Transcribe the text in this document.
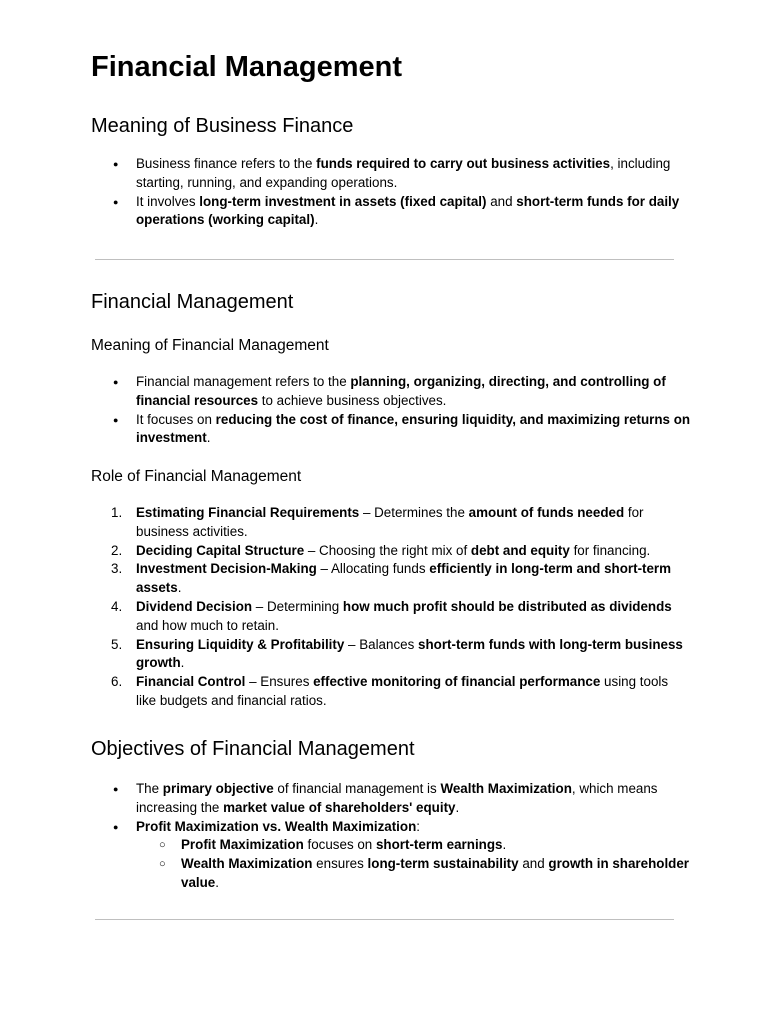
Financial Management
Meaning of Business Finance
● Business finance refers to the funds required to carry out business activities, including starting, running, and expanding operations.
● It involves long-term investment in assets (fixed capital) and short-term funds for daily operations (working capital).
Financial Management
Meaning of Financial Management
● Financial management refers to the planning, organizing, directing, and controlling of financial resources to achieve business objectives.
● It focuses on reducing the cost of finance, ensuring liquidity, and maximizing returns on investment.
Role of Financial Management
1. Estimating Financial Requirements – Determines the amount of funds needed for business activities.
2. Deciding Capital Structure – Choosing the right mix of debt and equity for financing.
3. Investment Decision-Making – Allocating funds efficiently in long-term and short-term assets.
4. Dividend Decision – Determining how much profit should be distributed as dividends and how much to retain.
5. Ensuring Liquidity & Profitability – Balances short-term funds with long-term business growth.
6. Financial Control – Ensures effective monitoring of financial performance using tools like budgets and financial ratios.
Objectives of Financial Management
● The primary objective of financial management is Wealth Maximization, which means increasing the market value of shareholders' equity.
● Profit Maximization vs. Wealth Maximization:
○ Profit Maximization focuses on short-term earnings.
○ Wealth Maximization ensures long-term sustainability and growth in shareholder value.
